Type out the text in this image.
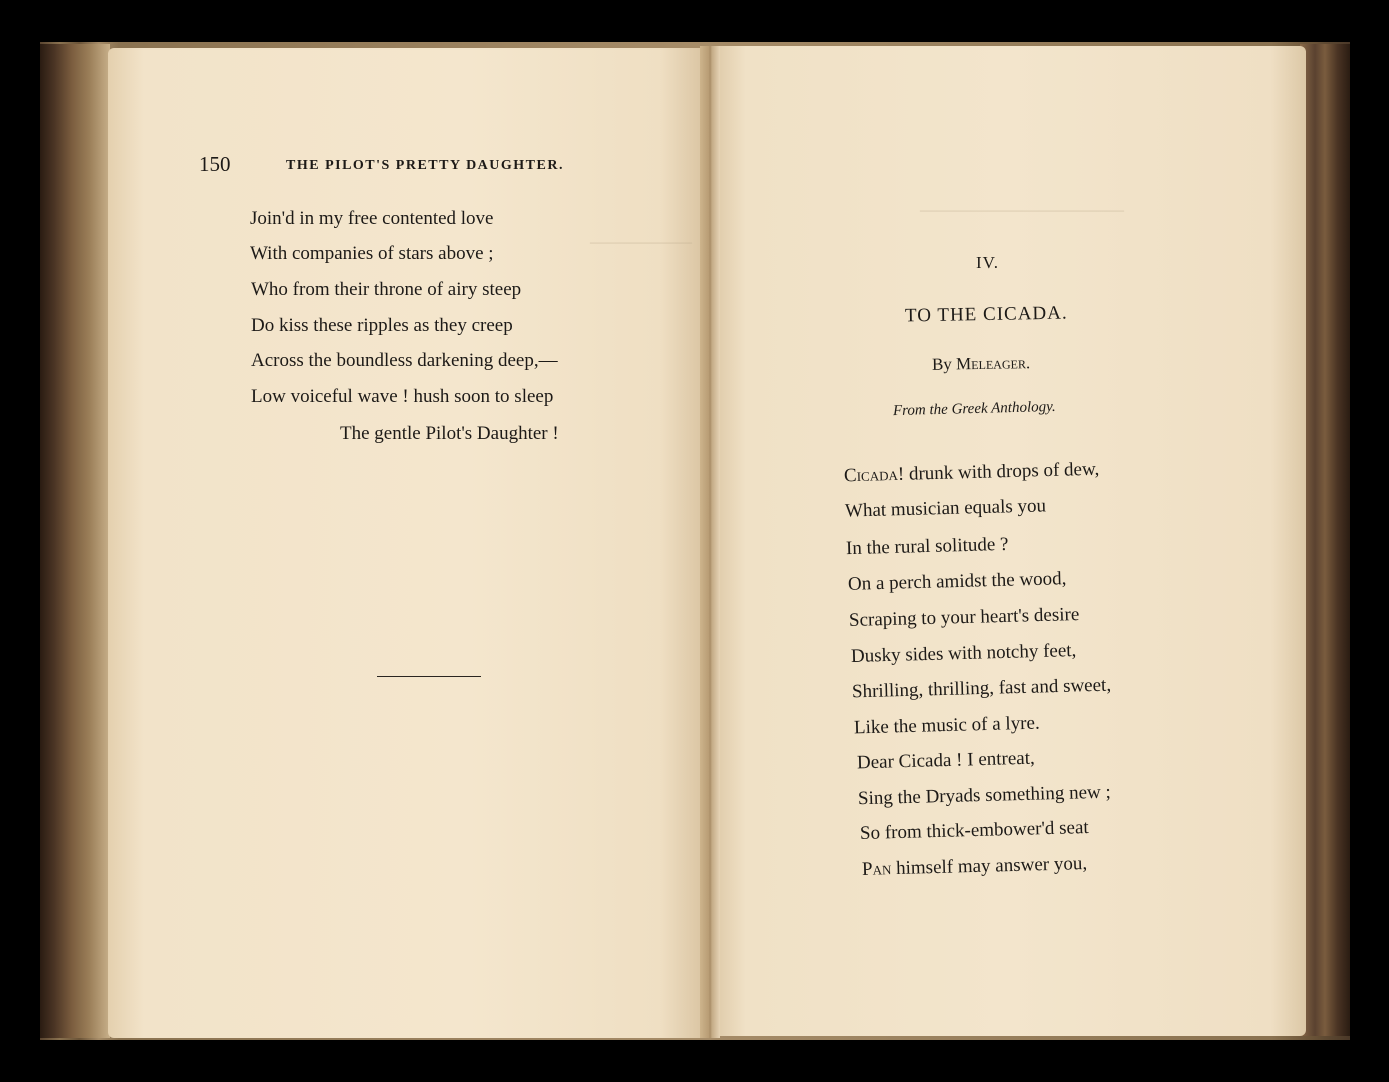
——————
————————————
150	THE PILOT'S PRETTY DAUGHTER.
Join'd in my free contented love
With companies of stars above ;
Who from their throne of airy steep
Do kiss these ripples as they creep
Across the boundless darkening deep,—
Low voiceful wave ! hush soon to sleep
The gentle Pilot's Daughter !
IV.
TO THE CICADA.
By Meleager.
From the Greek Anthology.
Cicada! drunk with drops of dew,
What musician equals you
In the rural solitude ?
On a perch amidst the wood,
Scraping to your heart's desire
Dusky sides with notchy feet,
Shrilling, thrilling, fast and sweet,
Like the music of a lyre.
Dear Cicada ! I entreat,
Sing the Dryads something new ;
So from thick-embower'd seat
Pan himself may answer you,
